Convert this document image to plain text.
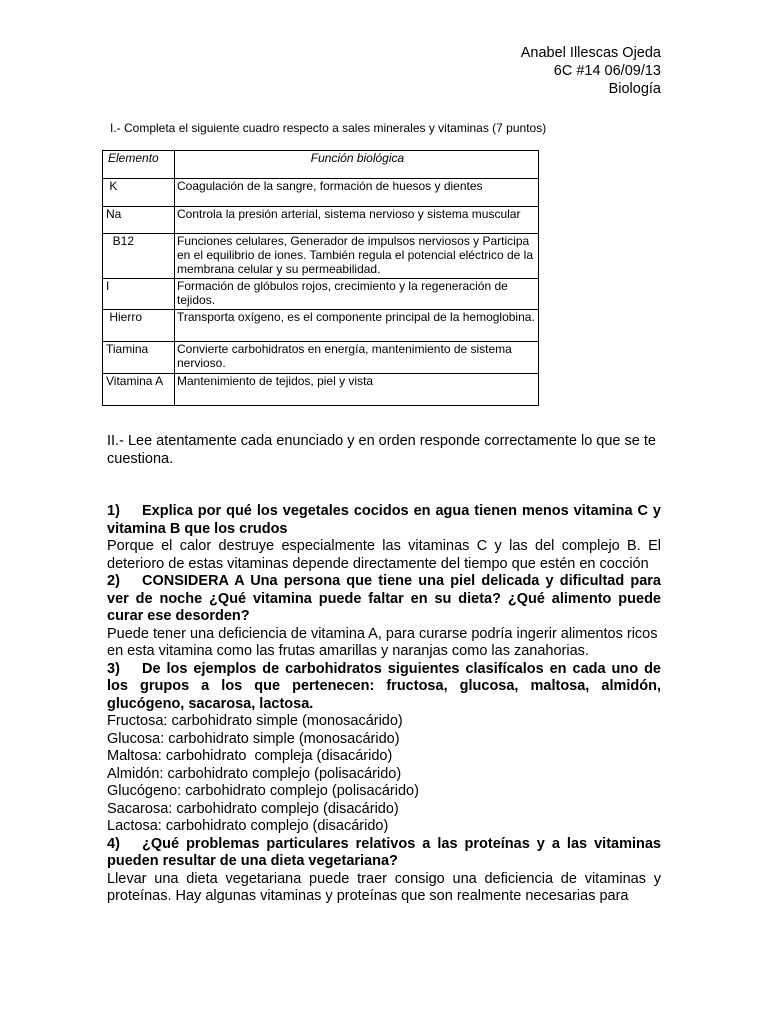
Anabel Illescas Ojeda
6C #14 06/09/13
Biología
I.- Completa el siguiente cuadro respecto a sales minerales y vitaminas (7 puntos)
Elemento	Función biológica
K	Coagulación de la sangre, formación de huesos y dientes
Na	Controla la presión arterial, sistema nervioso y sistema muscular
B12	Funciones celulares, Generador de impulsos nerviosos y Participa en el equilibrio de iones. También regula el potencial eléctrico de la membrana celular y su permeabilidad.
I	Formación de glóbulos rojos, crecimiento y la regeneración de tejidos.
Hierro	Transporta oxígeno, es el componente principal de la hemoglobina.
Tiamina	Convierte carbohidratos en energía, mantenimiento de sistema nervioso.
Vitamina A	Mantenimiento de tejidos, piel y vista
II.- Lee atentamente cada enunciado y en orden responde correctamente lo que se te cuestiona.

1) Explica por qué los vegetales cocidos en agua tienen menos vitamina C y vitamina B que los crudos

Porque el calor destruye especialmente las vitaminas C y las del complejo B. El deterioro de estas vitaminas depende directamente del tiempo que estén en cocción

2) CONSIDERA A Una persona que tiene una piel delicada y dificultad para ver de noche ¿Qué vitamina puede faltar en su dieta? ¿Qué alimento puede curar ese desorden?

Puede tener una deficiencia de vitamina A, para curarse podría ingerir alimentos ricos en esta vitamina como las frutas amarillas y naranjas como las zanahorias.

3) De los ejemplos de carbohidratos siguientes clasifícalos en cada uno de los grupos a los que pertenecen: fructosa, glucosa, maltosa, almidón, glucógeno, sacarosa, lactosa.

Fructosa: carbohidrato simple (monosacárido)

Glucosa: carbohidrato simple (monosacárido)

Maltosa: carbohidrato  compleja (disacárido)

Almidón: carbohidrato complejo (polisacárido)

Glucógeno: carbohidrato complejo (polisacárido)

Sacarosa: carbohidrato complejo (disacárido)

Lactosa: carbohidrato complejo (disacárido)

4) ¿Qué problemas particulares relativos a las proteínas y a las vitaminas pueden resultar de una dieta vegetariana?

Llevar una dieta vegetariana puede traer consigo una deficiencia de vitaminas y proteínas. Hay algunas vitaminas y proteínas que son realmente necesarias para
